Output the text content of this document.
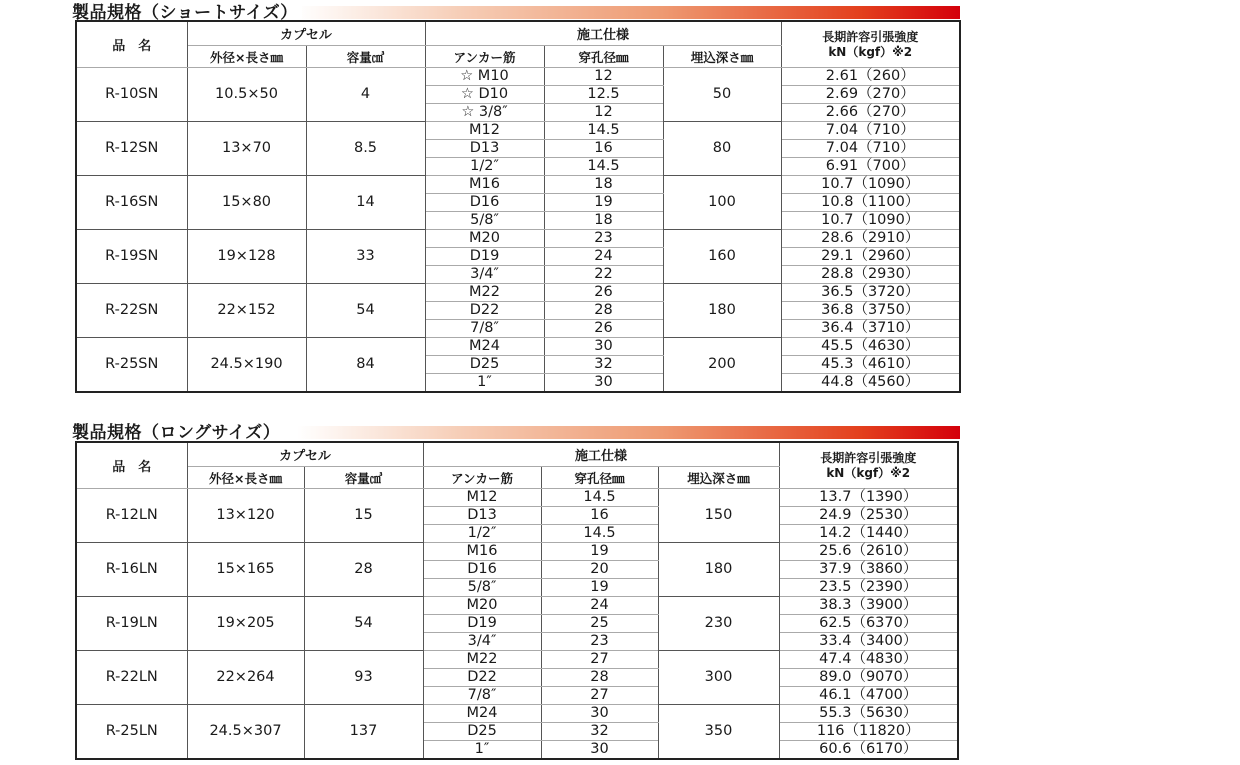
製品規格（ショートサイズ）
品　名	カプセル		施工仕様			長期許容引張強度
kN（kgf）※2

	外径×長さ㎜	容量㎤	アンカー筋	穿孔径㎜	埋込深さ㎜	
R-10SN	10.5×50	4	☆ M10	12	50	2.61（260）
			☆ D10	12.5		2.69（270）
			☆ 3/8″	12		2.66（270）
R-12SN	13×70	8.5	M12	14.5	80	7.04（710）
			D13	16		7.04（710）
			1/2″	14.5		6.91（700）
R-16SN	15×80	14	M16	18	100	10.7（1090）
			D16	19		10.8（1100）
			5/8″	18		10.7（1090）
R-19SN	19×128	33	M20	23	160	28.6（2910）
			D19	24		29.1（2960）
			3/4″	22		28.8（2930）
R-22SN	22×152	54	M22	26	180	36.5（3720）
			D22	28		36.8（3750）
			7/8″	26		36.4（3710）
R-25SN	24.5×190	84	M24	30	200	45.5（4630）
			D25	32		45.3（4610）
			1″	30		44.8（4560）
製品規格（ロングサイズ）
品　名	カプセル		施工仕様			長期許容引張強度
kN（kgf）※2

	外径×長さ㎜	容量㎤	アンカー筋	穿孔径㎜	埋込深さ㎜	
R-12LN	13×120	15	M12	14.5	150	13.7（1390）
			D13	16		24.9（2530）
			1/2″	14.5		14.2（1440）
R-16LN	15×165	28	M16	19	180	25.6（2610）
			D16	20		37.9（3860）
			5/8″	19		23.5（2390）
R-19LN	19×205	54	M20	24	230	38.3（3900）
			D19	25		62.5（6370）
			3/4″	23		33.4（3400）
R-22LN	22×264	93	M22	27	300	47.4（4830）
			D22	28		89.0（9070）
			7/8″	27		46.1（4700）
R-25LN	24.5×307	137	M24	30	350	55.3（5630）
			D25	32		116（11820）
			1″	30		60.6（6170）
